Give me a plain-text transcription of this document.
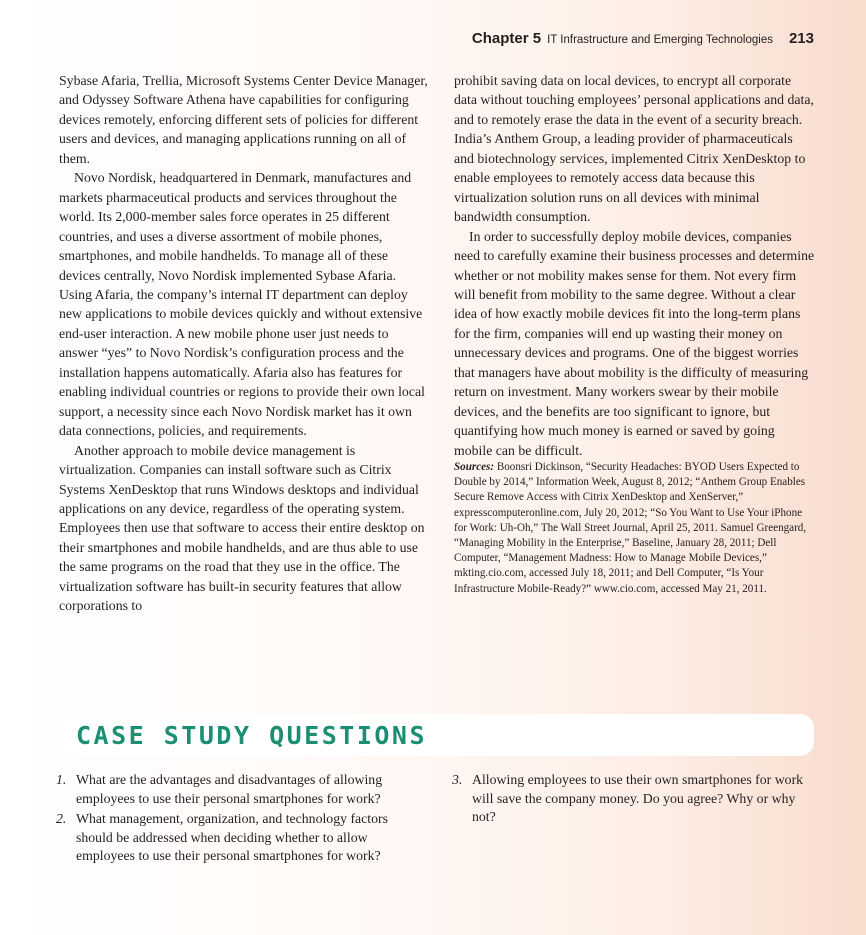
Chapter 5 IT Infrastructure and Emerging Technologies 213

Sybase Afaria, Trellia, Microsoft Systems Center Device Manager, and Odyssey Software Athena have capabilities for configuring devices remotely, enforcing different sets of policies for different users and devices, and managing applications running on all of them.

Novo Nordisk, headquartered in Denmark, manufactures and markets pharmaceutical products and services throughout the world. Its 2,000-member sales force operates in 25 different countries, and uses a diverse assortment of mobile phones, smartphones, and mobile handhelds. To manage all of these devices centrally, Novo Nordisk implemented Sybase Afaria. Using Afaria, the company’s internal IT department can deploy new applications to mobile devices quickly and without extensive end-user interaction. A new mobile phone user just needs to answer “yes” to Novo Nordisk’s configuration process and the installation happens automatically. Afaria also has features for enabling individual countries or regions to provide their own local support, a necessity since each Novo Nordisk market has it own data connections, policies, and requirements.

Another approach to mobile device management is virtualization. Companies can install software such as Citrix Systems XenDesktop that runs Windows desktops and individual applications on any device, regardless of the operating system. Employees then use that software to access their entire desktop on their smartphones and mobile handhelds, and are thus able to use the same programs on the road that they use in the office. The virtualization software has built-in security features that allow corporations to

prohibit saving data on local devices, to encrypt all corporate data without touching employees’ personal applications and data, and to remotely erase the data in the event of a security breach. India’s Anthem Group, a leading provider of pharmaceuticals and biotechnology services, implemented Citrix XenDesktop to enable employees to remotely access data because this virtualization solution runs on all devices with minimal bandwidth consumption.

In order to successfully deploy mobile devices, companies need to carefully examine their business processes and determine whether or not mobility makes sense for them. Not every firm will benefit from mobility to the same degree. Without a clear idea of how exactly mobile devices fit into the long-term plans for the firm, companies will end up wasting their money on unnecessary devices and programs. One of the biggest worries that managers have about mobility is the difficulty of measuring return on investment. Many workers swear by their mobile devices, and the benefits are too significant to ignore, but quantifying how much money is earned or saved by going mobile can be difficult.

Sources: Boonsri Dickinson, “Security Headaches: BYOD Users Expected to Double by 2014,” Information Week, August 8, 2012; “Anthem Group Enables Secure Remove Access with Citrix XenDesktop and XenServer,” expresscomputeronline.com, July 20, 2012; “So You Want to Use Your iPhone for Work: Uh-Oh,” The Wall Street Journal, April 25, 2011. Samuel Greengard, “Managing Mobility in the Enterprise,” Baseline, January 28, 2011; Dell Computer, “Management Madness: How to Manage Mobile Devices,” mkting.cio.com, accessed July 18, 2011; and Dell Computer, “Is Your Infrastructure Mobile-Ready?” www.cio.com, accessed May 21, 2011.

CASE STUDY QUESTIONS
1. What are the advantages and disadvantages of allowing employees to use their personal smartphones for work?
2. What management, organization, and technology factors should be addressed when deciding whether to allow employees to use their personal smartphones for work?
3. Allowing employees to use their own smartphones for work will save the company money. Do you agree? Why or why not?
